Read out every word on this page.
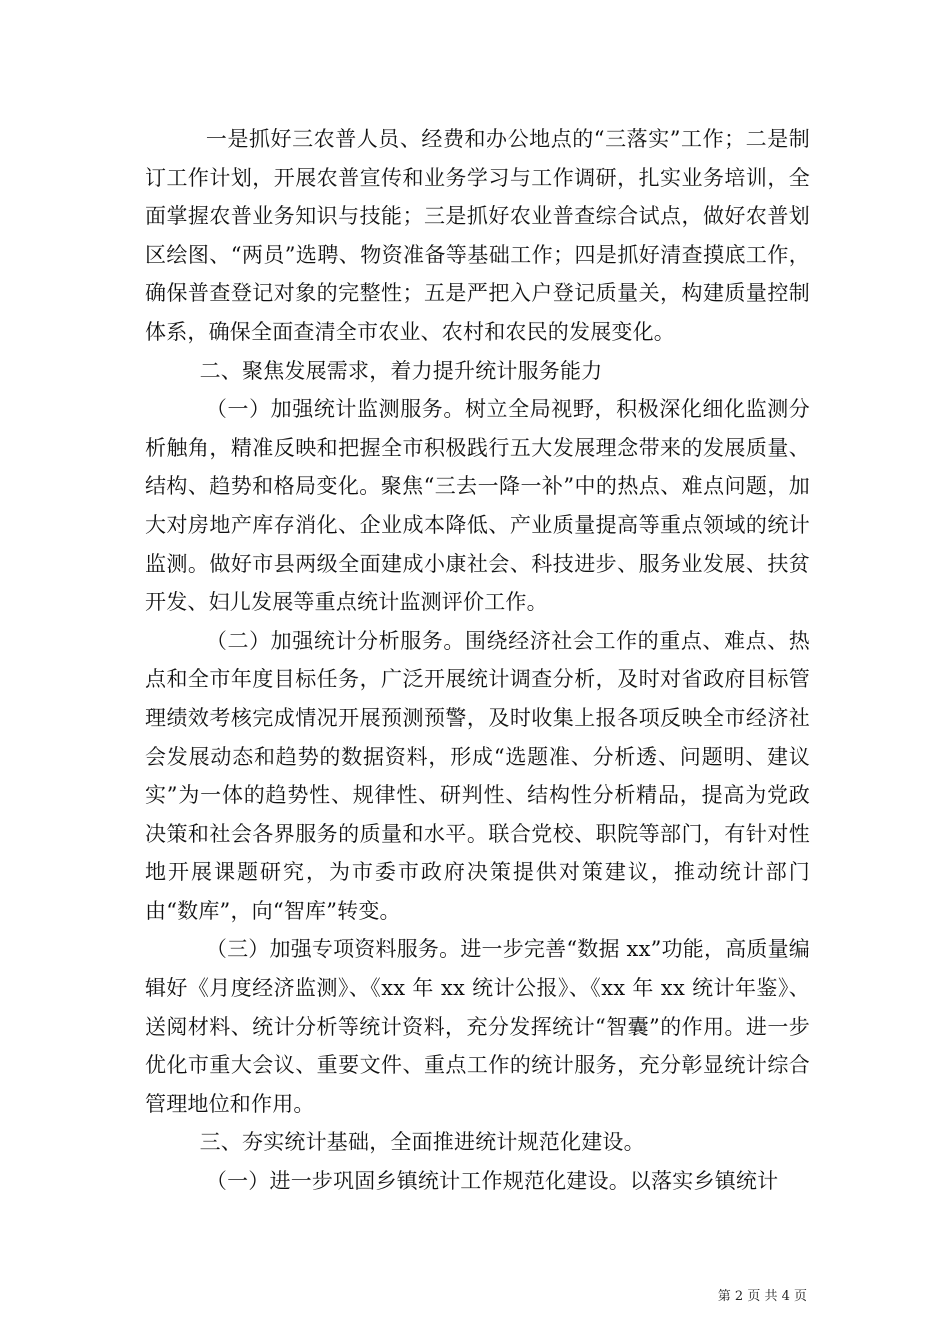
一是抓好三农普人员、经费和办公地点的“三落实”工作；二是制订工作计划，开展农普宣传和业务学习与工作调研，扎实业务培训，全面掌握农普业务知识与技能；三是抓好农业普查综合试点，做好农普划区绘图、“两员”选聘、物资准备等基础工作；四是抓好清查摸底工作，确保普查登记对象的完整性；五是严把入户登记质量关，构建质量控制体系，确保全面查清全市农业、农村和农民的发展变化。

二、聚焦发展需求，着力提升统计服务能力

（一）加强统计监测服务。树立全局视野，积极深化细化监测分析触角，精准反映和把握全市积极践行五大发展理念带来的发展质量、结构、趋势和格局变化。聚焦“三去一降一补”中的热点、难点问题，加大对房地产库存消化、企业成本降低、产业质量提高等重点领域的统计监测。做好市县两级全面建成小康社会、科技进步、服务业发展、扶贫开发、妇儿发展等重点统计监测评价工作。

（二）加强统计分析服务。围绕经济社会工作的重点、难点、热点和全市年度目标任务，广泛开展统计调查分析，及时对省政府目标管理绩效考核完成情况开展预测预警，及时收集上报各项反映全市经济社会发展动态和趋势的数据资料，形成“选题准、分析透、问题明、建议实”为一体的趋势性、规律性、研判性、结构性分析精品，提高为党政决策和社会各界服务的质量和水平。联合党校、职院等部门，有针对性地开展课题研究，为市委市政府决策提供对策建议，推动统计部门由“数库”，向“智库”转变。

（三）加强专项资料服务。进一步完善“数据 xx”功能，高质量编辑好《月度经济监测》、《xx 年 xx 统计公报》、《xx 年 xx 统计年鉴》、送阅材料、统计分析等统计资料，充分发挥统计“智囊”的作用。进一步优化市重大会议、重要文件、重点工作的统计服务，充分彰显统计综合管理地位和作用。

三、夯实统计基础，全面推进统计规范化建设。

（一）进一步巩固乡镇统计工作规范化建设。以落实乡镇统计

第 2 页 共 4 页
